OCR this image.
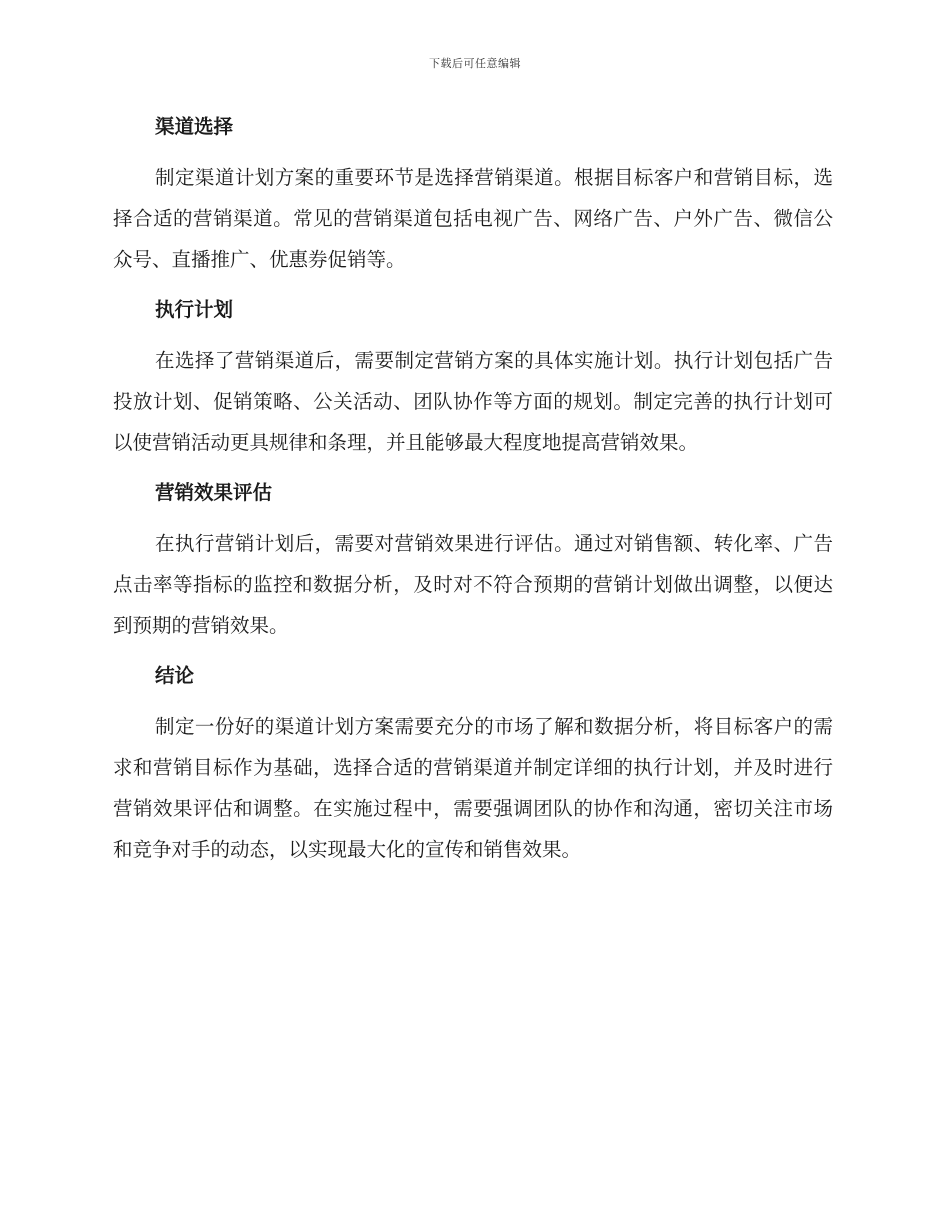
下载后可任意编辑
渠道选择

制定渠道计划方案的重要环节是选择营销渠道。根据目标客户和营销目标，选择合适的营销渠道。常见的营销渠道包括电视广告、网络广告、户外广告、微信公众号、直播推广、优惠券促销等。

执行计划

在选择了营销渠道后，需要制定营销方案的具体实施计划。执行计划包括广告投放计划、促销策略、公关活动、团队协作等方面的规划。制定完善的执行计划可以使营销活动更具规律和条理，并且能够最大程度地提高营销效果。

营销效果评估

在执行营销计划后，需要对营销效果进行评估。通过对销售额、转化率、广告点击率等指标的监控和数据分析，及时对不符合预期的营销计划做出调整，以便达到预期的营销效果。

结论

制定一份好的渠道计划方案需要充分的市场了解和数据分析，将目标客户的需求和营销目标作为基础，选择合适的营销渠道并制定详细的执行计划，并及时进行营销效果评估和调整。在实施过程中，需要强调团队的协作和沟通，密切关注市场和竞争对手的动态，以实现最大化的宣传和销售效果。
